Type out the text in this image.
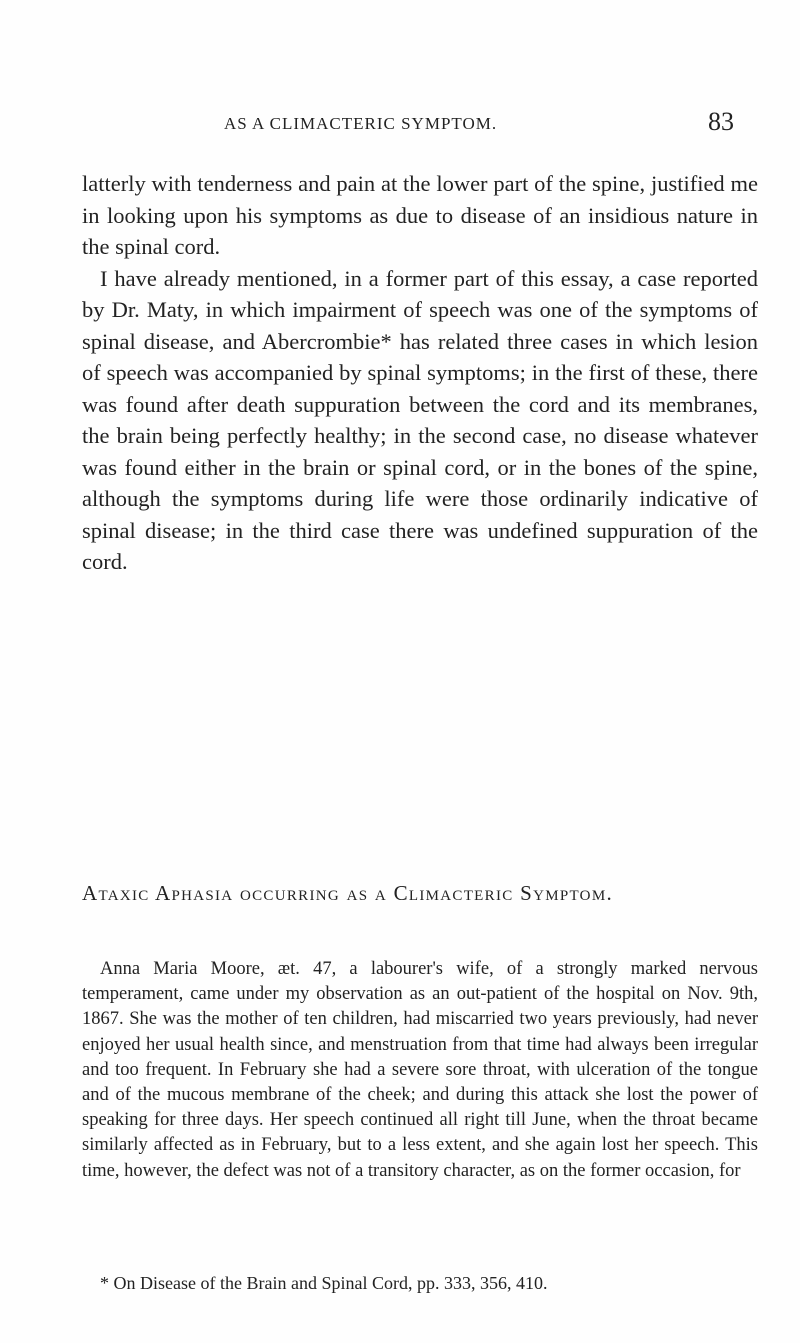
AS A CLIMACTERIC SYMPTOM.	83

latterly with tenderness and pain at the lower part of the spine, justified me in looking upon his symptoms as due to disease of an insidious nature in the spinal cord.

I have already mentioned, in a former part of this essay, a case reported by Dr. Maty, in which impairment of speech was one of the symptoms of spinal disease, and Abercrombie* has related three cases in which lesion of speech was accompanied by spinal symptoms; in the first of these, there was found after death suppuration between the cord and its membranes, the brain being perfectly healthy; in the second case, no disease whatever was found either in the brain or spinal cord, or in the bones of the spine, although the symptoms during life were those ordinarily indicative of spinal disease; in the third case there was undefined suppuration of the cord.

Ataxic Aphasia occurring as a Climacteric Symptom.

Anna Maria Moore, æt. 47, a labourer's wife, of a strongly marked nervous temperament, came under my observation as an out-patient of the hospital on Nov. 9th, 1867. She was the mother of ten children, had miscarried two years previously, had never enjoyed her usual health since, and menstruation from that time had always been irregular and too frequent. In February she had a severe sore throat, with ulceration of the tongue and of the mucous membrane of the cheek; and during this attack she lost the power of speaking for three days. Her speech continued all right till June, when the throat became similarly affected as in February, but to a less extent, and she again lost her speech. This time, however, the defect was not of a transitory character, as on the former occasion, for

* On Disease of the Brain and Spinal Cord, pp. 333, 356, 410.
